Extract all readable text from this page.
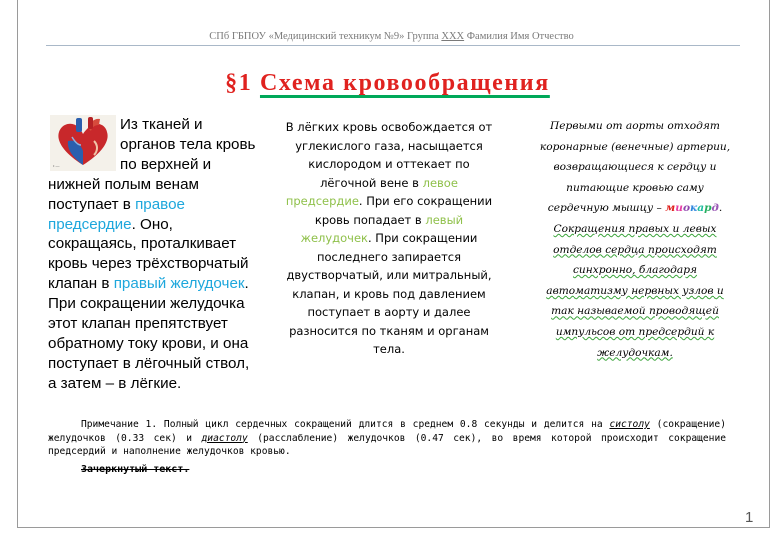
СПб ГБПОУ «Медицинский техникум №9» Группа XXX Фамилия Имя Отчество
§1 Схема кровообращения
• —
Из тканей и органов тела кровь по верхней и нижней полым венам поступает в правое предсердие. Оно, сокращаясь, проталкивает кровь через трёхстворчатый клапан в правый желудочек. При сокращении желудочка этот клапан препятствует обратному току крови, и она поступает в лёгочный ствол, а затем – в лёгкие.
В лёгких кровь освобождается от углекислого газа, насыщается кислородом и оттекает по лёгочной вене в левое предсердие. При его сокращении кровь попадает в левый желудочек. При сокращении последнего запирается двустворчатый, или митральный, клапан, и кровь под давлением поступает в аорту и далее разносится по тканям и органам тела.
Первыми от аорты отходят коронарные (венечные) артерии, возвращающиеся к сердцу и питающие кровью саму сердечную мышцу – миокард.
Сокращения правых и левых отделов сердца происходят синхронно, благодаря автоматизму нервных узлов и так называемой проводящей импульсов от предсердий к желудочкам.
Примечание 1. Полный цикл сердечных сокращений длится в среднем 0.8 секунды и делится на систолу (сокращение) желудочков (0.33 сек) и диастолу (расслабление) желудочков (0.47 сек), во время которой происходит сокращение предсердий и наполнение желудочков кровью.
Зачеркнутый текст.
1
